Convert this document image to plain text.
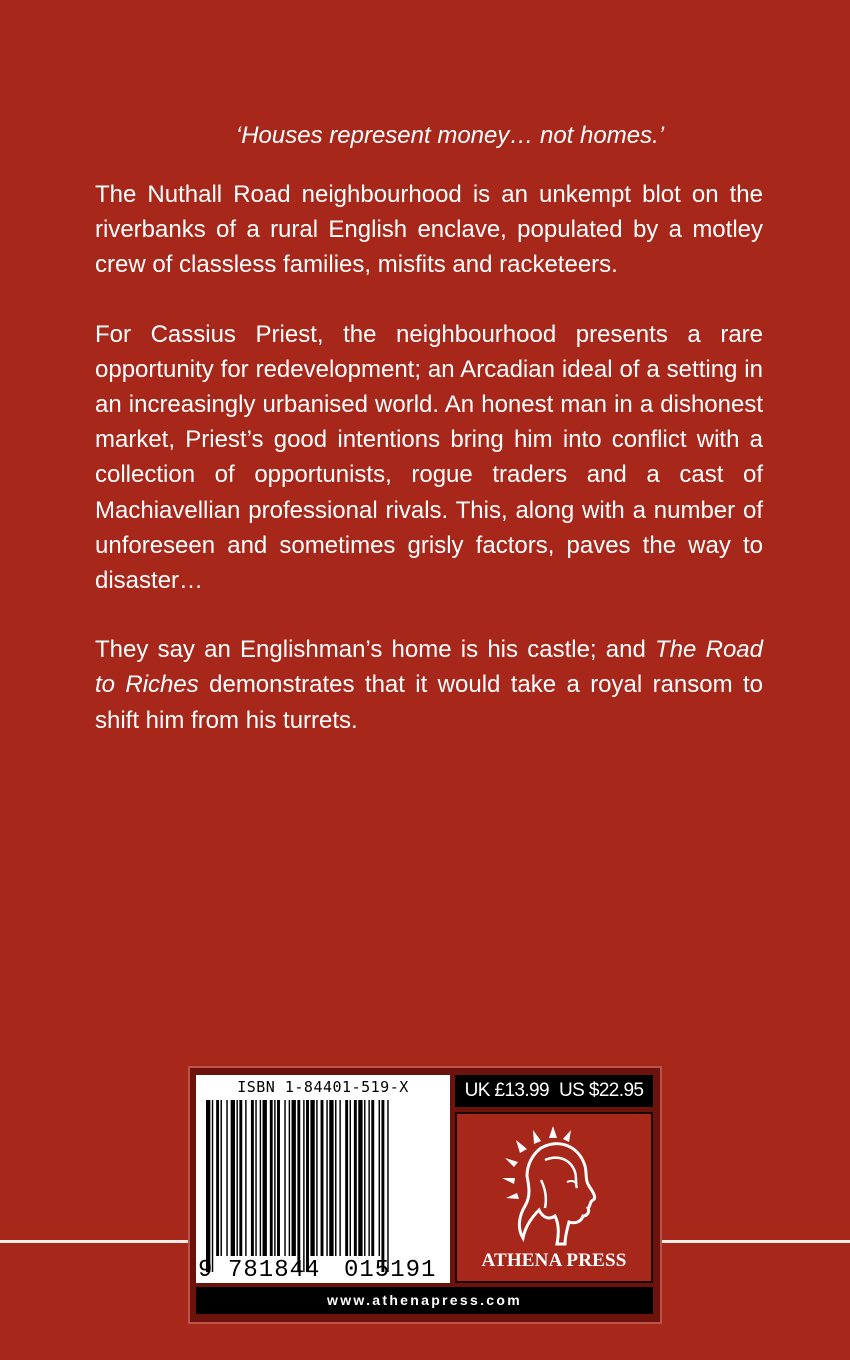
‘Houses represent money… not homes.’

The Nuthall Road neighbourhood is an unkempt blot on the riverbanks of a rural English enclave, populated by a motley crew of classless families, misfits and racketeers.

For Cassius Priest, the neighbourhood presents a rare opportunity for redevelopment; an Arcadian ideal of a setting in an increasingly urbanised world. An honest man in a dishonest market, Priest’s good intentions bring him into conflict with a collection of opportunists, rogue traders and a cast of Machiavellian professional rivals. This, along with a number of unforeseen and sometimes grisly factors, paves the way to disaster…

They say an Englishman’s home is his castle; and The Road to Riches demonstrates that it would take a royal ransom to shift him from his turrets.

ISBN 1-84401-519-X
9 781844 015191
UK £13.99 US $22.95
ATHENA PRESS
www.athenapress.com
